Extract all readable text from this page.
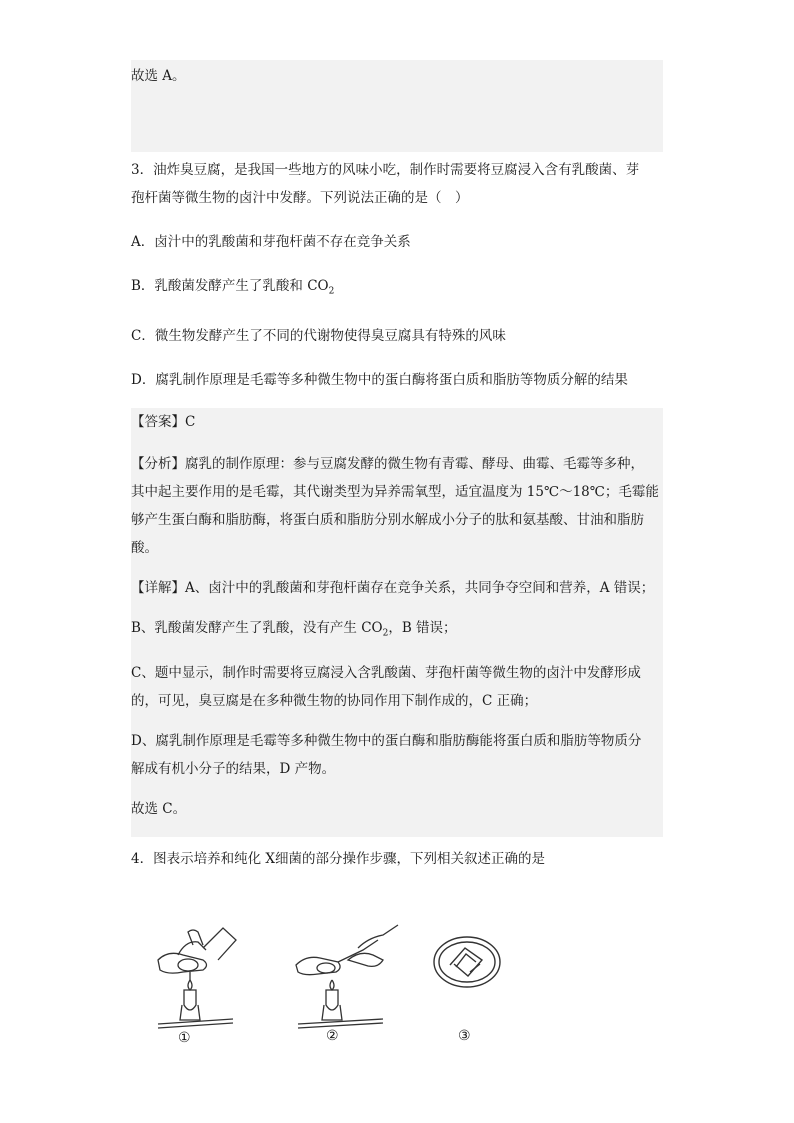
故选 A。

3．油炸臭豆腐，是我国一些地方的风味小吃，制作时需要将豆腐浸入含有乳酸菌、芽

孢杆菌等微生物的卤汁中发酵。下列说法正确的是（　）

A．卤汁中的乳酸菌和芽孢杆菌不存在竞争关系

B．乳酸菌发酵产生了乳酸和 $CO_2$

C．微生物发酵产生了不同的代谢物使得臭豆腐具有特殊的风味

D．腐乳制作原理是毛霉等多种微生物中的蛋白酶将蛋白质和脂肪等物质分解的结果

【答案】C

【分析】腐乳的制作原理：参与豆腐发酵的微生物有青霉、酵母、曲霉、毛霉等多种，

其中起主要作用的是毛霉，其代谢类型为异养需氧型，适宜温度为 15℃～18℃；毛霉能

够产生蛋白酶和脂肪酶，将蛋白质和脂肪分别水解成小分子的肽和氨基酸、甘油和脂肪

酸。

【详解】A、卤汁中的乳酸菌和芽孢杆菌存在竞争关系，共同争夺空间和营养，A 错误；

B、乳酸菌发酵产生了乳酸，没有产生 $CO_2$，B 错误；

C、题中显示，制作时需要将豆腐浸入含乳酸菌、芽孢杆菌等微生物的卤汁中发酵形成

的，可见，臭豆腐是在多种微生物的协同作用下制作成的，C 正确；

D、腐乳制作原理是毛霉等多种微生物中的蛋白酶和脂肪酶能将蛋白质和脂肪等物质分

解成有机小分子的结果，D 产物。

故选 C。

4．图表示培养和纯化 X细菌的部分操作步骤，下列相关叙述正确的是

①	②	③
